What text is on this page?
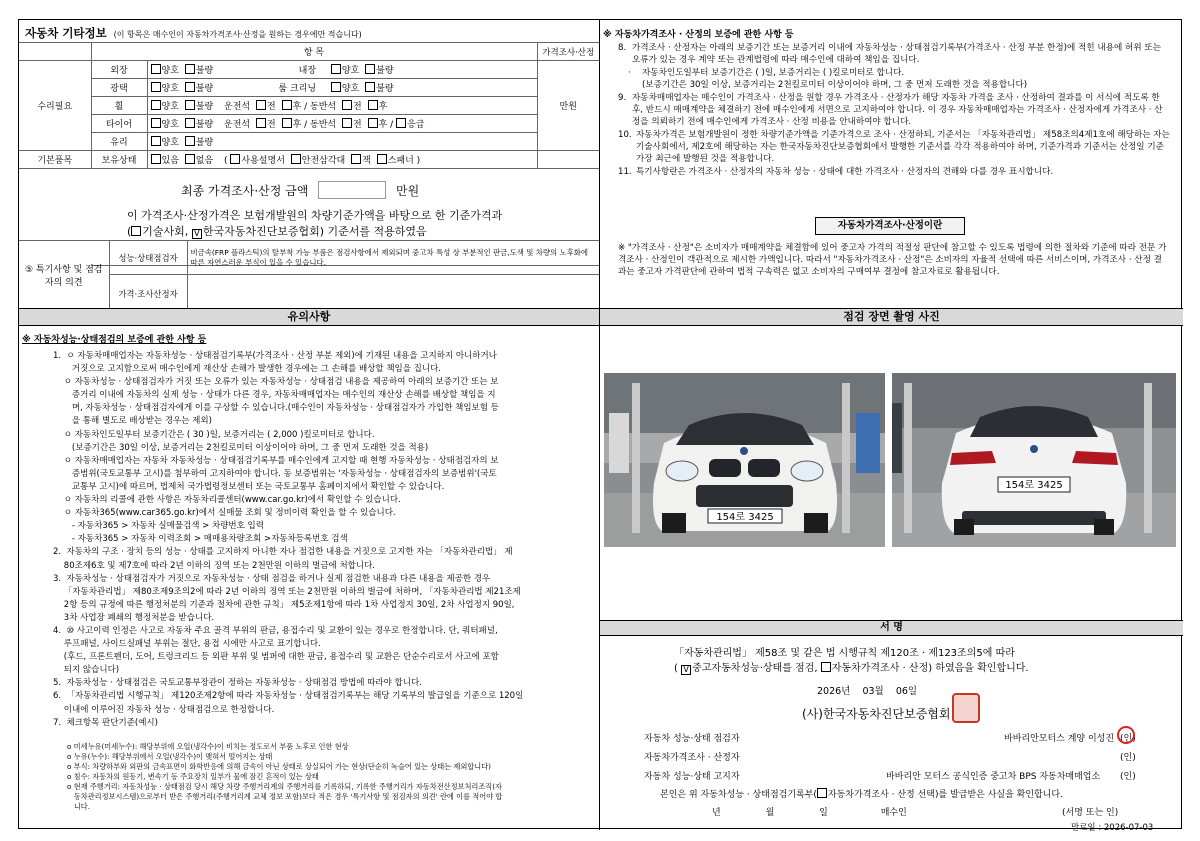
자동차 기타정보 (이 항목은 매수인이 자동차가격조사·산정을 원하는 경우에만 적습니다)
	항 목		가격조사·산정
수리필요	외장	양호 불량 내장 양호 불량	만원
	광택	양호 불량 룸 크리닝 양호 불량	
	휠	양호 불량 운전석 전 후 / 동반석 전 후	
	타이어	양호 불량 운전석 전 후 / 동반석 전 후 / 응급	
	유리	양호 불량	
기본품목	보유상태	있음 없음 ( 사용설명서 안전삼각대 잭 스패너 )	
최종 가격조사·산정 금액	만원
이 가격조사·산정가격은 보험개발원의 차량기준가액을 바탕으로 한 기준가격과
( 기술사회, V 한국자동차진단보증협회) 기준서를 적용하였음
⑤ 특기사항 및 점검자의 의견	성능·상태점검자	비금속(FRP 플라스틱)의 탈부착 가능 부품은 점검사항에서 제외되며 중고차 특성 상 부분적인 판금,도색 및 차량의 노후화에 따른 자연스러운 부식이 있을 수 있습니다.
	가격·조사산정자	
※ 자동차가격조사 · 산정의 보증에 관한 사항 등
8. 가격조사 · 산정자는 아래의 보증기간 또는 보증거리 이내에 자동차성능 · 상태점검기록부(가격조사 · 산정 부분 한정)에 적힌 내용에 허위 또는 오류가 있는 경우 계약 또는 관계법령에 따라 매수인에 대하여 책임을 집니다.
·	자동차인도일부터 보증기간은 ( )일, 보증거리는 ( )킬로미터로 합니다.
(보증기간은 30일 이상, 보증거리는 2천킬로미터 이상이어야 하며, 그 중 먼저 도래한 것을 적용합니다)
9. 자동차매매업자는 매수인이 가격조사 · 산정을 원할 경우 가격조사 · 산정자가 해당 자동차 가격을 조사 · 산정하여 결과를 이 서식에 적도록 한 후, 반드시 매매계약을 체결하기 전에 매수인에게 서면으로 고지하여야 합니다. 이 경우 자동차매매업자는 가격조사 · 산정자에게 가격조사 · 산정을 의뢰하기 전에 매수인에게 가격조사 · 산정 비용을 안내하여야 합니다.
10. 자동차가격은 보험개발원이 정한 차량기준가액을 기준가격으로 조사 · 산정하되, 기준서는 「자동차관리법」 제58조의4제1호에 해당하는 자는 기술사회에서, 제2호에 해당하는 자는 한국자동차진단보증협회에서 발행한 기준서를 각각 적용하여야 하며, 기준가격과 기준서는 산정일 기준 가장 최근에 발행된 것을 적용합니다.
11. 특기사항란은 가격조사 · 산정자의 자동차 성능 · 상태에 대한 가격조사 · 산정자의 견해와 다를 경우 표시합니다.
자동차가격조사·산정이란
※ "가격조사 · 산정"은 소비자가 매매계약을 체결함에 있어 중고자 가격의 적절성 판단에 참고할 수 있도록 법령에 의한 절차와 기준에 따라 전문 가격조사 · 산정인이 객관적으로 제시한 가액입니다. 따라서 "자동차가격조사 · 산정"은 소비자의 자율적 선택에 따른 서비스이며, 가격조사 · 산정 결과는 중고자 가격판단에 관하여 법적 구속력은 없고 소비자의 구매여부 결정에 참고자료로 활용됩니다.
유의사항	점검 장면 촬영 사진
※ 자동차성능·상태점검의 보증에 관한 사항 등
1.  ㅇ 자동차매매업자는 자동차성능 · 상태점검기록부(가격조사 · 산정 부분 제외)에 기재된 내용을 고지하지 아니하거나
거짓으로 고지함으로써 매수인에게 재산상 손해가 발생한 경우에는 그 손해를 배상할 책임을 집니다.
ㅇ 자동차성능 · 상태점검자가 거짓 또는 오류가 있는 자동차성능 · 상태점검 내용을 제공하여 아래의 보증기간 또는 보
증거리 이내에 자동차의 실제 성능 · 상태가 다른 경우, 자동차매매업자는 매수인의 재산상 손해를 배상할 책임을 지
며, 자동차성능 · 상태점검자에게 이를 구상할 수 있습니다.(매수인이 자동차성능 · 상태점검자가 가입한 책임보험 등
을 통해 별도로 배상받는 경우는 제외)
ㅇ 자동차인도일부터 보증기간은 ( 30 )일, 보증거리는 ( 2,000 )킬로미터로 합니다.
(보증기간은 30일 이상, 보증거리는 2천킬로미터 이상이어야 하며, 그 중 먼저 도래한 것을 적용)
ㅇ 자동차매매업자는 자동차 자동차성능 · 상태점검기록부를 매수인에게 고지할 때 현행 자동차성능 · 상태점검자의 보
증범위(국토교통부 고시)를 첨부하여 고지하여야 합니다. 동 보증범위는 '자동차성능 · 상태점검자의 보증범위'(국토
교통부 고시)에 따르며, 법제처 국가법령정보센터 또는 국토교통부 홈페이지에서 확인할 수 있습니다.
ㅇ 자동차의 리콜에 관한 사항은 자동차리콜센터(www.car.go.kr)에서 확인할 수 있습니다.
ㅇ 자동차365(www.car365.go.kr)에서 실매물 조회 및 정비이력 확인을 할 수 있습니다.
- 자동차365 > 자동차 실매물검색 > 차량번호 입력
- 자동차365 > 자동차 이력조회 > 매매용차량조회 >자동차등록번호 검색
2.  자동차의 구조 · 장치 등의 성능 · 상태를 고지하지 아니한 자나 점검한 내용을 거짓으로 고지한 자는 「자동차관리법」 제
80조제6호 및 제7호에 따라 2년 이하의 징역 또는 2천만원 이하의 벌금에 처합니다.
3.  자동차성능 · 상태점검자가 거짓으로 자동차성능 · 상태 점검을 하거나 실제 점검한 내용과 다른 내용을 제공한 경우
「자동차관리법」 제80조제9조의2에 따라 2년 이하의 징역 또는 2천만원 이하의 벌금에 처하며, 「자동차관리법 제21조제
2항 등의 규정에 따른 행정처분의 기준과 절차에 관한 규칙」 제5조제1항에 따라 1차 사업정지 30일, 2차 사업정지 90일,
3차 사업장 폐쇄의 행정처분을 받습니다.
4.  ⑩ 사고이력 인정은 사고로 자동차 주요 골격 부위의 판금, 용접수리 및 교환이 있는 경우로 한정합니다. 단, 쿼터패널,
루프패널, 사이드실패널 부위는 절단, 용접 시에만 사고로 표기합니다.
(후드, 프론트펜더, 도어, 트렁크리드 등 외판 부위 및 범퍼에 대한 판금, 용접수리 및 교환은 단순수리로서 사고에 포함
되지 않습니다)
5.  자동차성능 · 상태점검은 국토교통부장관이 정하는 자동차성능 · 상태점검 방법에 따라야 합니다.
6.  「자동차관리법 시행규칙」 제120조제2항에 따라 자동차성능 · 상태점검기록부는 해당 기록부의 발급일을 기준으로 120일
이내에 이루어진 자동차 성능 · 상태점검으로 한정합니다.
7.  체크항목 판단기준(예시)
o 미세누유(미세누수): 해당부위에 오일(냉각수)이 비치는 정도로서 부품 노후로 인한 현상
o 누유(누수): 해당부위에서 오일(냉각수)이 맺혀서 떨어지는 상태
o 부식: 차량하부와 외판의 금속표면이 화학반응에 의해 금속이 아닌 상태로 상실되어 가는 현상(단순히 녹슬어 있는 상태는 제외합니다)
o 침수: 자동차의 원동기, 변속기 등 주요장치 일부가 물에 잠긴 흔적이 있는 상태
o 현재 주행거리: 자동차성능 · 상태점검 당시 해당 차량 주행거리계의 주행거리를 기록하되, 기록한 주행거리가 자동차전산정보처리조직(자
동차관리정보시스템)으로부터 받은 주행거리(주행거리계 교체 정보 포함)보다 적은 경우 '특기사항 및 점검자의 의견' 란에 이를 적어야 합
니다.
154로 3425
154로 3425
서 명
「자동차관리법」 제58조 및 같은 법 시행규칙 제120조 · 제123조의5에 따라
( V 중고자동차성능·상태를 점검, 자동차가격조사 · 산정) 하였음을 확인합니다.
2026년 03월 06일
(사)한국자동차진단보증협회
자동차 성능·상태 점검자	바바리안모터스 계양 이성진 (인)
자동차가격조사 · 산정자	(인)
자동차 성능·상태 고지자	바바리안 모터스 공식인증 중고차 BPS 자동차매매업소 (인)
본인은 위 자동차성능 · 상태점검기록부( 자동차가격조사 · 산정 선택)를 발급받은 사실을 확인합니다.
년	월	일	매수인	(서명 또는 인)
만료일 : 2026-07-03
